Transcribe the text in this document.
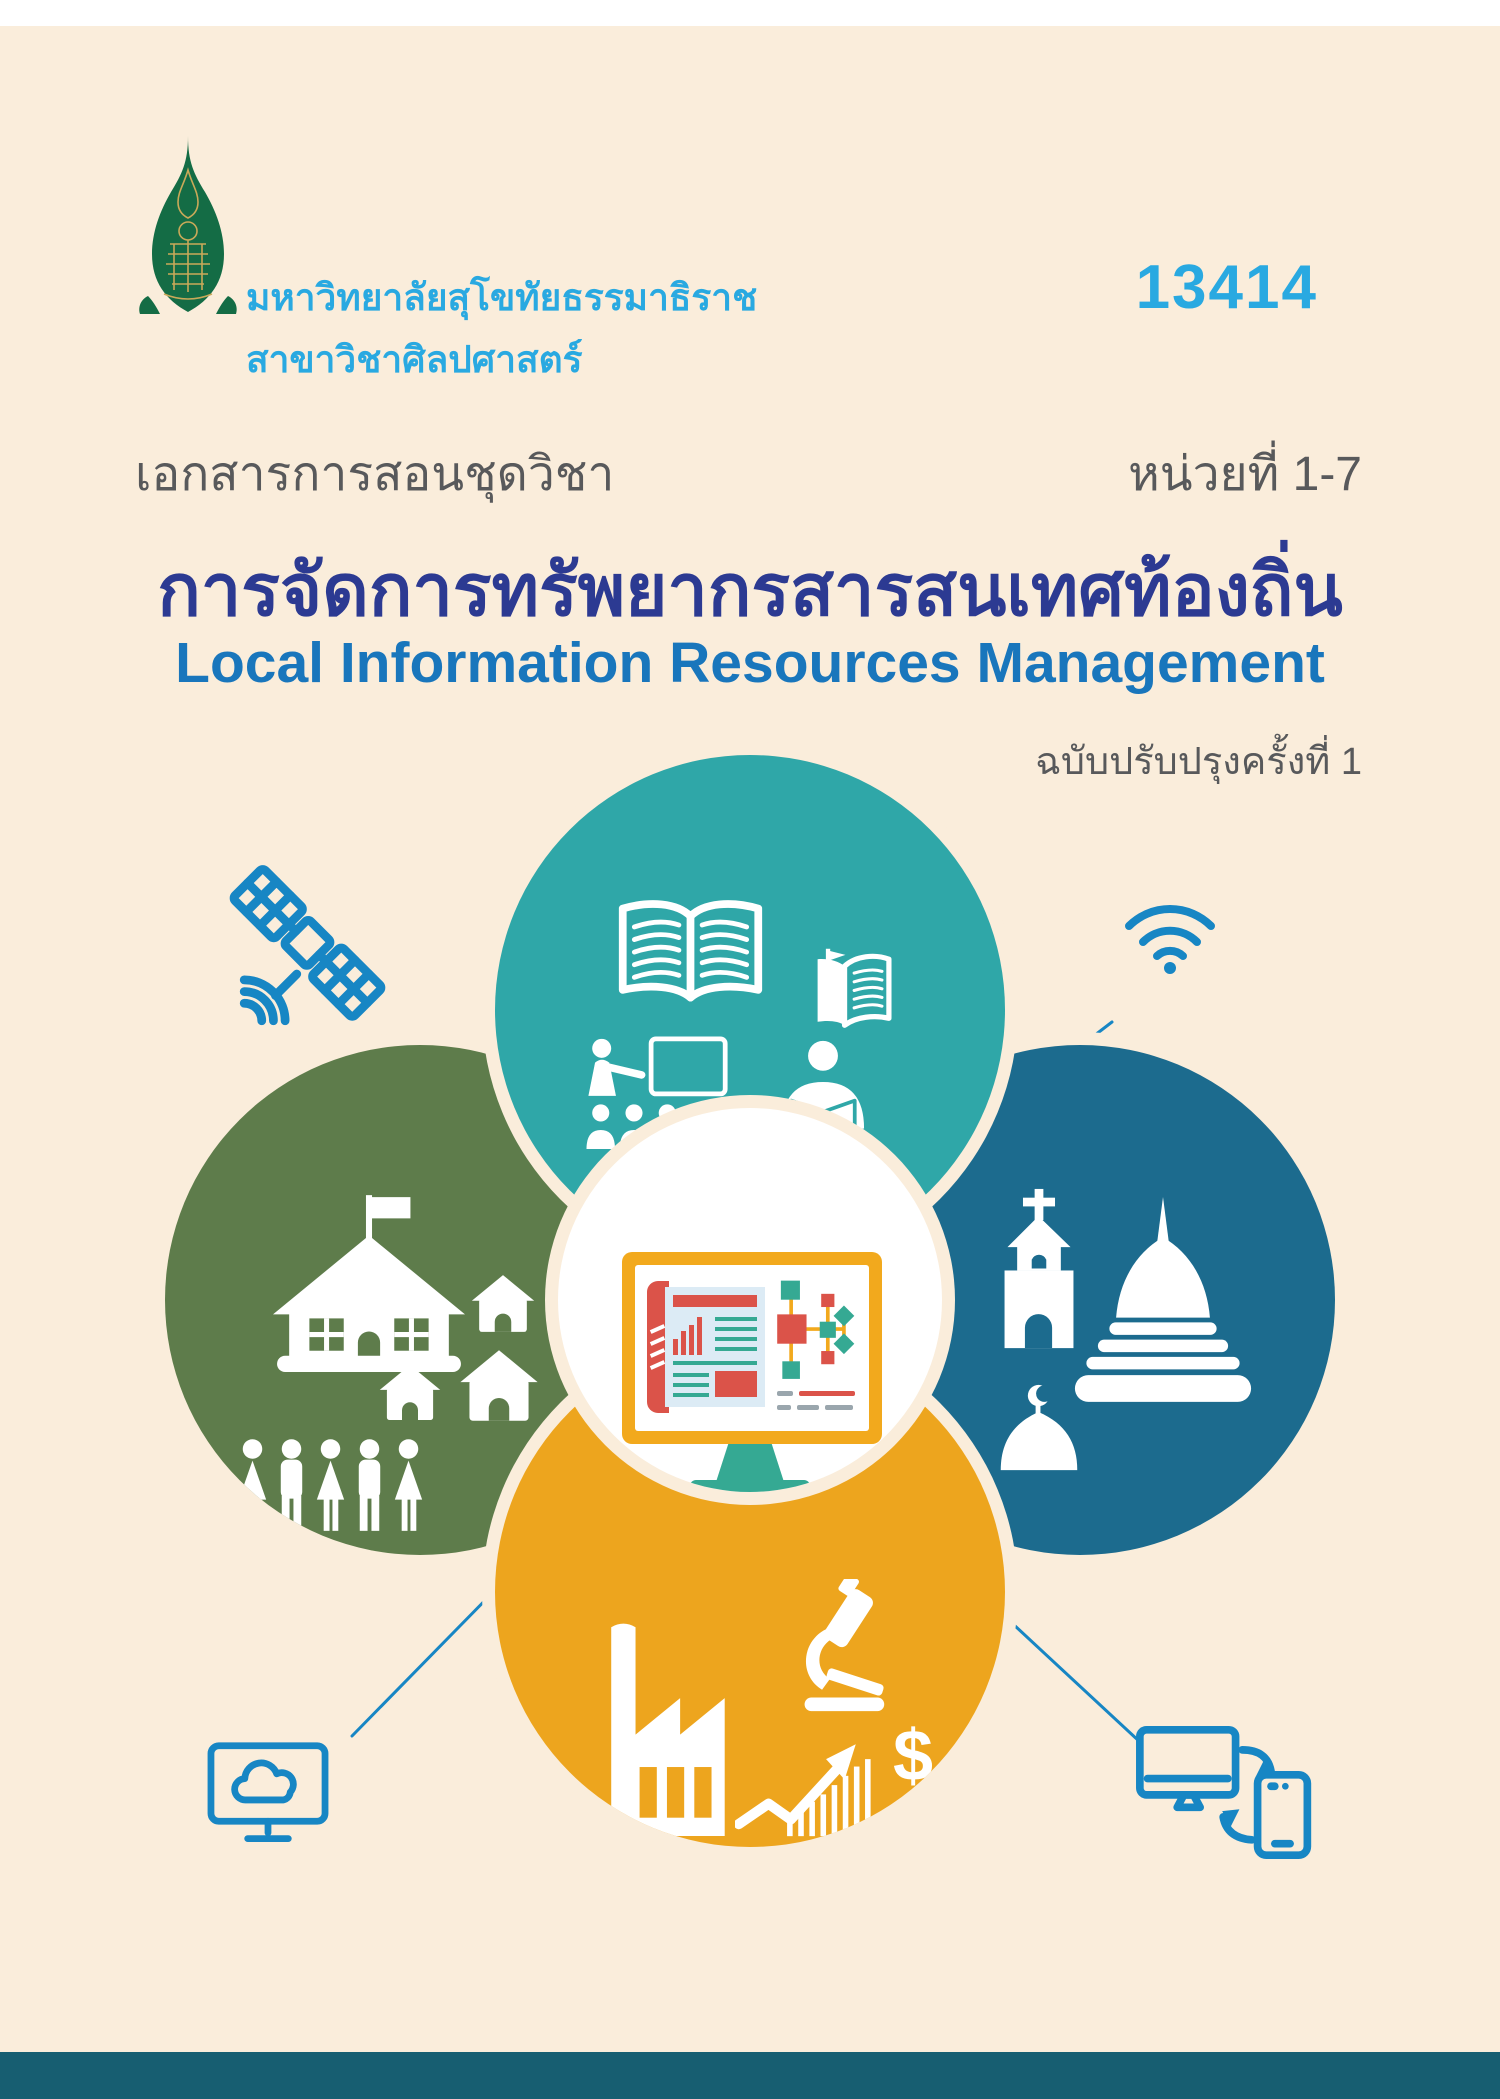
มหาวิทยาลัยสุโขทัยธรรมาธิราช
สาขาวิชาศิลปศาสตร์
13414
เอกสารการสอนชุดวิชา	หน่วยที่ 1-7
การจัดการทรัพยากรสารสนเทศท้องถิ่น
Local Information Resources Management
ฉบับปรับปรุงครั้งที่ 1
$
